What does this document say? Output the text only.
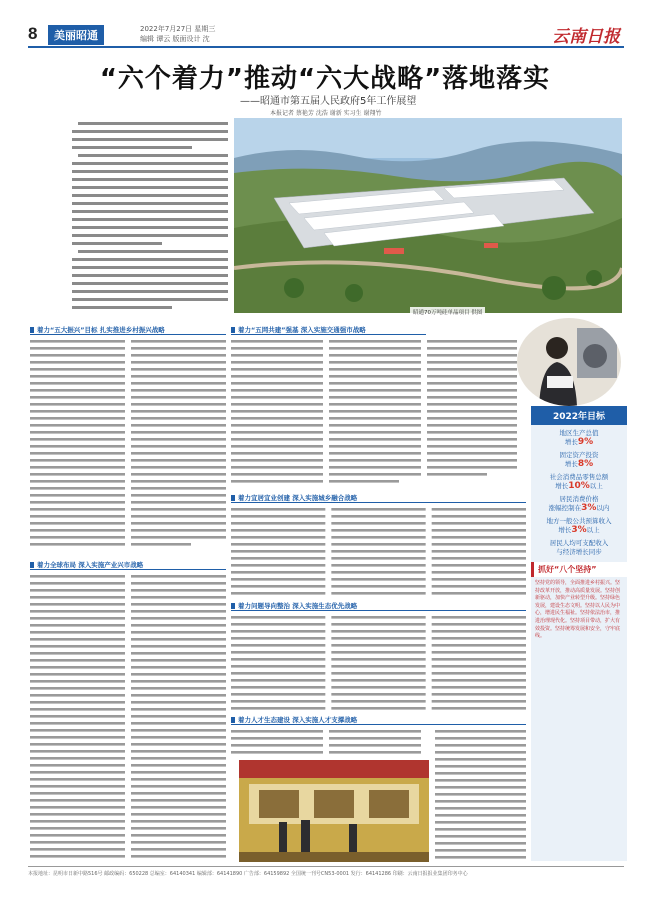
8	美丽昭通	2022年7月27日 星期三
编辑 谭云 版面设计 沈	云南日报
“六个着力”推动“六大战略”落地落实
——昭通市第五届人民政府5年工作展望
本报记者 蔡艳芳 沈浩 谢新 实习生 谢翔竹
昭通70万吨硅单晶项目 供图
着力“五大振兴”目标 扎实推进乡村振兴战略	着力“五网共建”强基 深入实施交通强市战略
着力全球布局 深入实施产业兴市战略
着力宜居宜业创建 深入实施城乡融合战略
着力问题导向整治 深入实施生态优先战略
着力人才生态建设 深入实施人才支撑战略
2022年目标
地区生产总值
增长9%
固定资产投资
增长8%
社会消费品零售总额
增长10%以上
居民消费价格
涨幅控制在3%以内
地方一般公共预算收入
增长3%以上
居民人均可支配收入
与经济增长同步
抓好“八个坚持”
坚持党的领导，全面推进乡村振兴。坚持改革开放，推动高质量发展。坚持创新驱动，加快产业转型升级。坚持绿色发展，建设生态文明。坚持以人民为中心，增进民生福祉。坚持依法治市，推进治理现代化。坚持项目带动，扩大有效投资。坚持统筹发展和安全，守牢底线。
本报地址：昆明市日新中路516号 邮政编码：650228 总编室：64140341 编辑部：64141890 广告部：64159892 全国统一刊号CN53-0001 发行：64141286 印刷：云南日报报业集团印务中心
